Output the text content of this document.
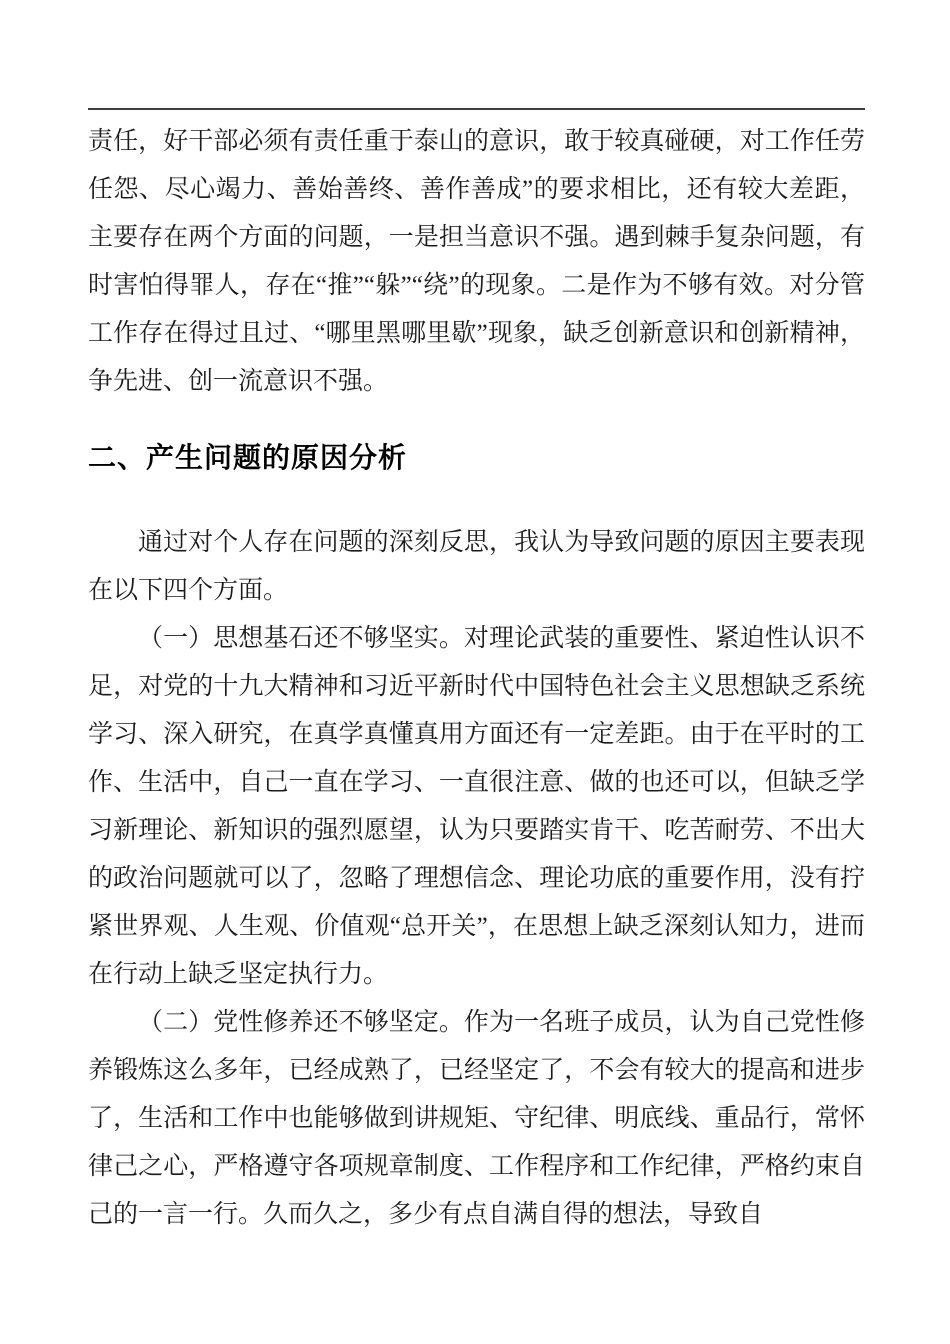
责任，好干部必须有责任重于泰山的意识，敢于较真碰硬，对工作任劳任怨、尽心竭力、善始善终、善作善成”的要求相比，还有较大差距，主要存在两个方面的问题，一是担当意识不强。遇到棘手复杂问题，有时害怕得罪人，存在“推”“躲”“绕”的现象。二是作为不够有效。对分管工作存在得过且过、“哪里黑哪里歇”现象，缺乏创新意识和创新精神，争先进、创一流意识不强。

二、产生问题的原因分析

通过对个人存在问题的深刻反思，我认为导致问题的原因主要表现在以下四个方面。

（一）思想基石还不够坚实。对理论武装的重要性、紧迫性认识不足，对党的十九大精神和习近平新时代中国特色社会主义思想缺乏系统学习、深入研究，在真学真懂真用方面还有一定差距。由于在平时的工作、生活中，自己一直在学习、一直很注意、做的也还可以，但缺乏学习新理论、新知识的强烈愿望，认为只要踏实肯干、吃苦耐劳、不出大的政治问题就可以了，忽略了理想信念、理论功底的重要作用，没有拧紧世界观、人生观、价值观“总开关”，在思想上缺乏深刻认知力，进而在行动上缺乏坚定执行力。

（二）党性修养还不够坚定。作为一名班子成员，认为自己党性修养锻炼这么多年，已经成熟了，已经坚定了，不会有较大的提高和进步了，生活和工作中也能够做到讲规矩、守纪律、明底线、重品行，常怀律己之心，严格遵守各项规章制度、工作程序和工作纪律，严格约束自己的一言一行。久而久之，多少有点自满自得的想法，导致自
